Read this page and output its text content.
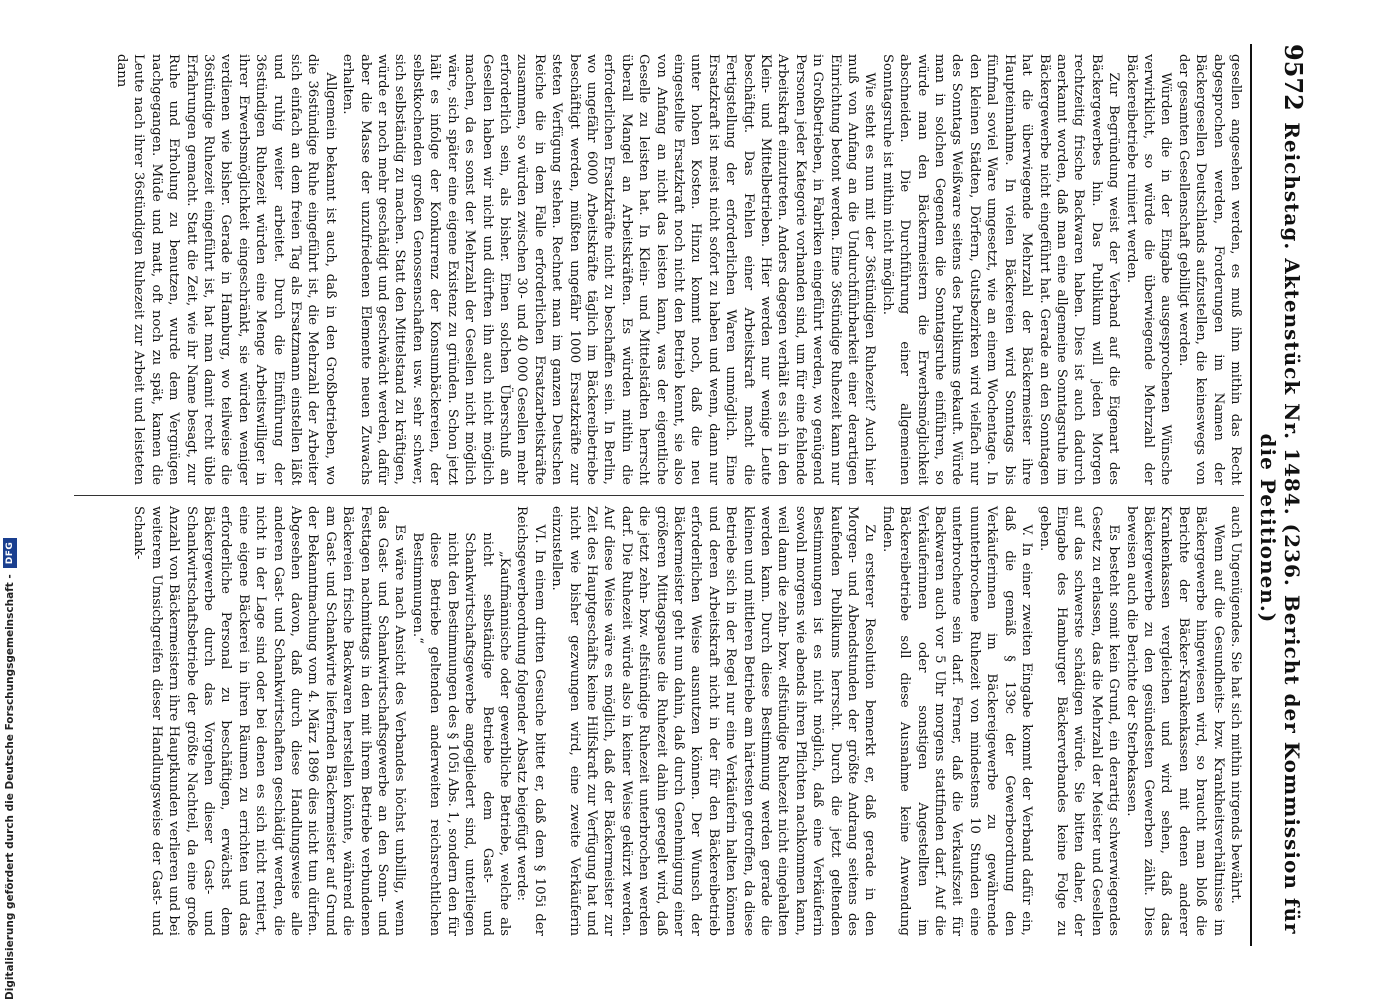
9572
Reichstag. Aktenstück Nr. 1484. (236. Bericht der Kommission für die Petitionen.)

gesellen angesehen werden, es muß ihm mithin das Recht abgesprochen werden, Forderungen im Namen der Bäckergesellen Deutschlands aufzustellen, die keineswegs von der gesamten Gesellenschaft gebilligt werden.

Würden die in der Eingabe ausgesprochenen Wünsche verwirklicht, so würde die überwiegende Mehrzahl der Bäckereibetriebe ruiniert werden.

Zur Begründung weist der Verband auf die Eigenart des Bäckergewerbes hin. Das Publikum will jeden Morgen rechtzeitig frische Backwaren haben. Dies ist auch dadurch anerkannt worden, daß man eine allgemeine Sonntagsruhe im Bäckergewerbe nicht eingeführt hat. Gerade an den Sonntagen hat die überwiegende Mehrzahl der Bäckermeister ihre Haupteinnahme. In vielen Bäckereien wird Sonntags bis fünfmal soviel Ware umgesetzt, wie an einem Wochentage. In den kleinen Städten, Dörfern, Gutsbezirken wird vielfach nur des Sonntags Weißware seitens des Publikums gekauft. Würde man in solchen Gegenden die Sonntagsruhe einführen, so würde man den Bäckermeistern die Erwerbsmöglichkeit abschneiden. Die Durchführung einer allgemeinen Sonntagsruhe ist mithin nicht möglich.

Wie steht es nun mit der 36stündigen Ruhezeit? Auch hier muß von Anfang an die Undurchführbarkeit einer derartigen Einrichtung betont werden. Eine 36stündige Ruhezeit kann nur in Großbetrieben, in Fabriken eingeführt werden, wo genügend Personen jeder Kategorie vorhanden sind, um für eine fehlende Arbeitskraft einzutreten. Anders dagegen verhält es sich in den Klein- und Mittelbetrieben. Hier werden nur wenige Leute beschäftigt. Das Fehlen einer Arbeitskraft macht die Fertigstellung der erforderlichen Waren unmöglich. Eine Ersatzkraft ist meist nicht sofort zu haben und wenn, dann nur unter hohen Kosten. Hinzu kommt noch, daß die neu eingestellte Ersatzkraft noch nicht den Betrieb kennt, sie also von Anfang an nicht das leisten kann, was der eigentliche Geselle zu leisten hat. In Klein- und Mittelstädten herrscht überall Mangel an Arbeitskräften. Es würden mithin die erforderlichen Ersatzkräfte nicht zu beschaffen sein. In Berlin, wo ungefähr 6000 Arbeitskräfte täglich im Bäckereibetriebe beschäftigt werden, müßten ungefähr 1000 Ersatzkräfte zur steten Verfügung stehen. Rechnet man im ganzen Deutschen Reiche die in dem Falle erforderlichen Ersatzarbeitskräfte zusammen, so würden zwischen 30- und 40 000 Gesellen mehr erforderlich sein, als bisher. Einen solchen Überschuß an Gesellen haben wir nicht und dürften ihn auch nicht möglich machen, da es sonst der Mehrzahl der Gesellen nicht möglich wäre, sich später eine eigene Existenz zu gründen. Schon jetzt hält es infolge der Konkurrenz der Konsumbäckereien, der selbstkochenden großen Genossenschaften usw. sehr schwer, sich selbständig zu machen. Statt den Mittelstand zu kräftigen, würde er noch mehr geschädigt und geschwächt werden, dafür aber die Masse der unzufriedenen Elemente neuen Zuwachs erhalten.

Allgemein bekannt ist auch, daß in den Großbetrieben, wo die 36stündige Ruhe eingeführt ist, die Mehrzahl der Arbeiter sich einfach an dem freien Tag als Ersatzmann einstellen läßt und ruhig weiter arbeitet. Durch die Einführung der 36stündigen Ruhezeit würden eine Menge Arbeitswilliger in ihrer Erwerbsmöglichkeit eingeschränkt, sie würden weniger verdienen wie bisher. Gerade in Hamburg, wo teilweise die 36stündige Ruhezeit eingeführt ist, hat man damit recht üble Erfahrungen gemacht. Statt die Zeit, wie ihr Name besagt, zur Ruhe und Erholung zu benutzen, wurde dem Vergnügen nachgegangen. Müde und matt, oft noch zu spät, kamen die Leute nach ihrer 36stündigen Ruhezeit zur Arbeit und leisteten dann

auch Ungenügendes. Sie hat sich mithin nirgends bewährt.

Wenn auf die Gesundheits- bzw. Krankheitsverhältnisse im Bäckergewerbe hingewiesen wird, so braucht man bloß die Berichte der Bäcker-Krankenkassen mit denen anderer Krankenkassen vergleichen und wird sehen, daß das Bäckergewerbe zu den gesündesten Gewerben zählt. Dies beweisen auch die Berichte der Sterbekassen.

Es besteht somit kein Grund, ein derartig schwerwiegendes Gesetz zu erlassen, das die Mehrzahl der Meister und Gesellen auf das schwerste schädigen würde. Sie bitten daher, der Eingabe des Hamburger Bäckerverbandes keine Folge zu geben.

V. In einer zweiten Eingabe kommt der Verband dafür ein, daß die gemäß § 139c der Gewerbeordnung den Verkäuferinnen im Bäckereigewerbe zu gewährende ununterbrochene Ruhezeit von mindestens 10 Stunden eine unterbrochene sein darf. Ferner, daß die Verkaufszeit für Backwaren auch vor 5 Uhr morgens stattfinden darf. Auf die Verkäuferinnen oder sonstigen Angestellten im Bäckereibetriebe soll diese Ausnahme keine Anwendung finden.

Zu ersterer Resolution bemerkt er, daß gerade in den Morgen- und Abendstunden der größte Andrang seitens des kaufenden Publikums herrscht. Durch die jetzt geltenden Bestimmungen ist es nicht möglich, daß eine Verkäuferin sowohl morgens wie abends ihren Pflichten nachkommen kann, weil dann die zehn- bzw. elfstündige Ruhezeit nicht eingehalten werden kann. Durch diese Bestimmung werden gerade die kleinen und mittleren Betriebe am härtesten getroffen, da diese Betriebe sich in der Regel nur eine Verkäuferin halten können und deren Arbeitskraft nicht in der für den Bäckereibetrieb erforderlichen Weise ausnutzen können. Der Wunsch der Bäckermeister geht nun dahin, daß durch Genehmigung einer größeren Mittagspause die Ruhezeit dahin geregelt wird, daß die jetzt zehn- bzw. elfstündige Ruhezeit unterbrochen werden darf. Die Ruhezeit würde also in keiner Weise gekürzt werden. Auf diese Weise wäre es möglich, daß der Bäckermeister zur Zeit des Hauptgeschäfts keine Hilfskraft zur Verfügung hat und nicht wie bisher gezwungen wird, eine zweite Verkäuferin einzustellen.

VI. In einem dritten Gesuche bittet er, daß dem § 105i der Reichsgewerbeordnung folgender Absatz beigefügt werde:

„Kaufmännische oder gewerbliche Betriebe, welche als nicht selbständige Betriebe dem Gast- und Schankwirtschaftsgewerbe angegliedert sind, unterliegen nicht den Bestimmungen des § 105i Abs. 1, sondern den für diese Betriebe geltenden anderweiten reichsrechtlichen Bestimmungen.“

Es wäre nach Ansicht des Verbandes höchst unbillig, wenn das Gast- und Schankwirtschaftsgewerbe an den Sonn- und Festtagen nachmittags in den mit ihrem Betriebe verbundenen Bäckereien frische Backwaren herstellen könnte, während die am Gast- und Schankwirte liefernden Bäckermeister auf Grund der Bekanntmachung vom 4. März 1896 dies nicht tun dürfen. Abgesehen davon, daß durch diese Handlungsweise alle anderen Gast- und Schankwirtschaften geschädigt werden, die nicht in der Lage sind oder bei denen es sich nicht rentiert, eine eigene Bäckerei in ihren Räumen zu errichten und das erforderliche Personal zu beschäftigen, erwächst dem Bäckergewerbe durch das Vorgehen dieser Gast- und Schankwirtschaftsbetriebe der größte Nachteil, da eine große Anzahl von Bäckermeistern ihre Hauptkunden verlieren und bei weiterem Umsichgreifen dieser Handlungsweise der Gast- und Schank-

Digitalisierung gefördert durch die Deutsche Forschungsgemeinschaft -
DFG
